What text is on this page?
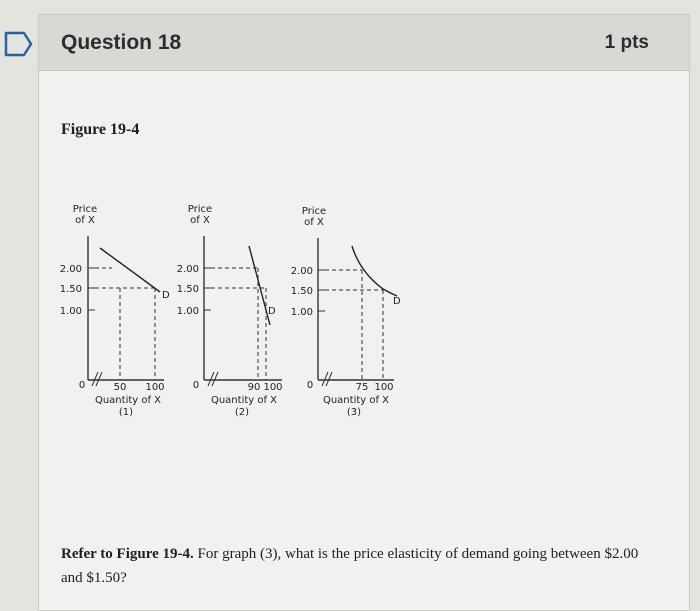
Question 18	1 pts
Figure 19-4
Refer to Figure 19-4. For graph (3), what is the price elasticity of demand going between $2.00 and $1.50?
Price
of X
2.00
1.50
1.00
D
0	50 100
Quantity of X
(1)
Price
of X
2.00
1.50
1.00	D
0	90 100
Quantity of X
(2)
Price
of X
2.00
1.50
1.00
D
0	75 100
Quantity of X
(3)
